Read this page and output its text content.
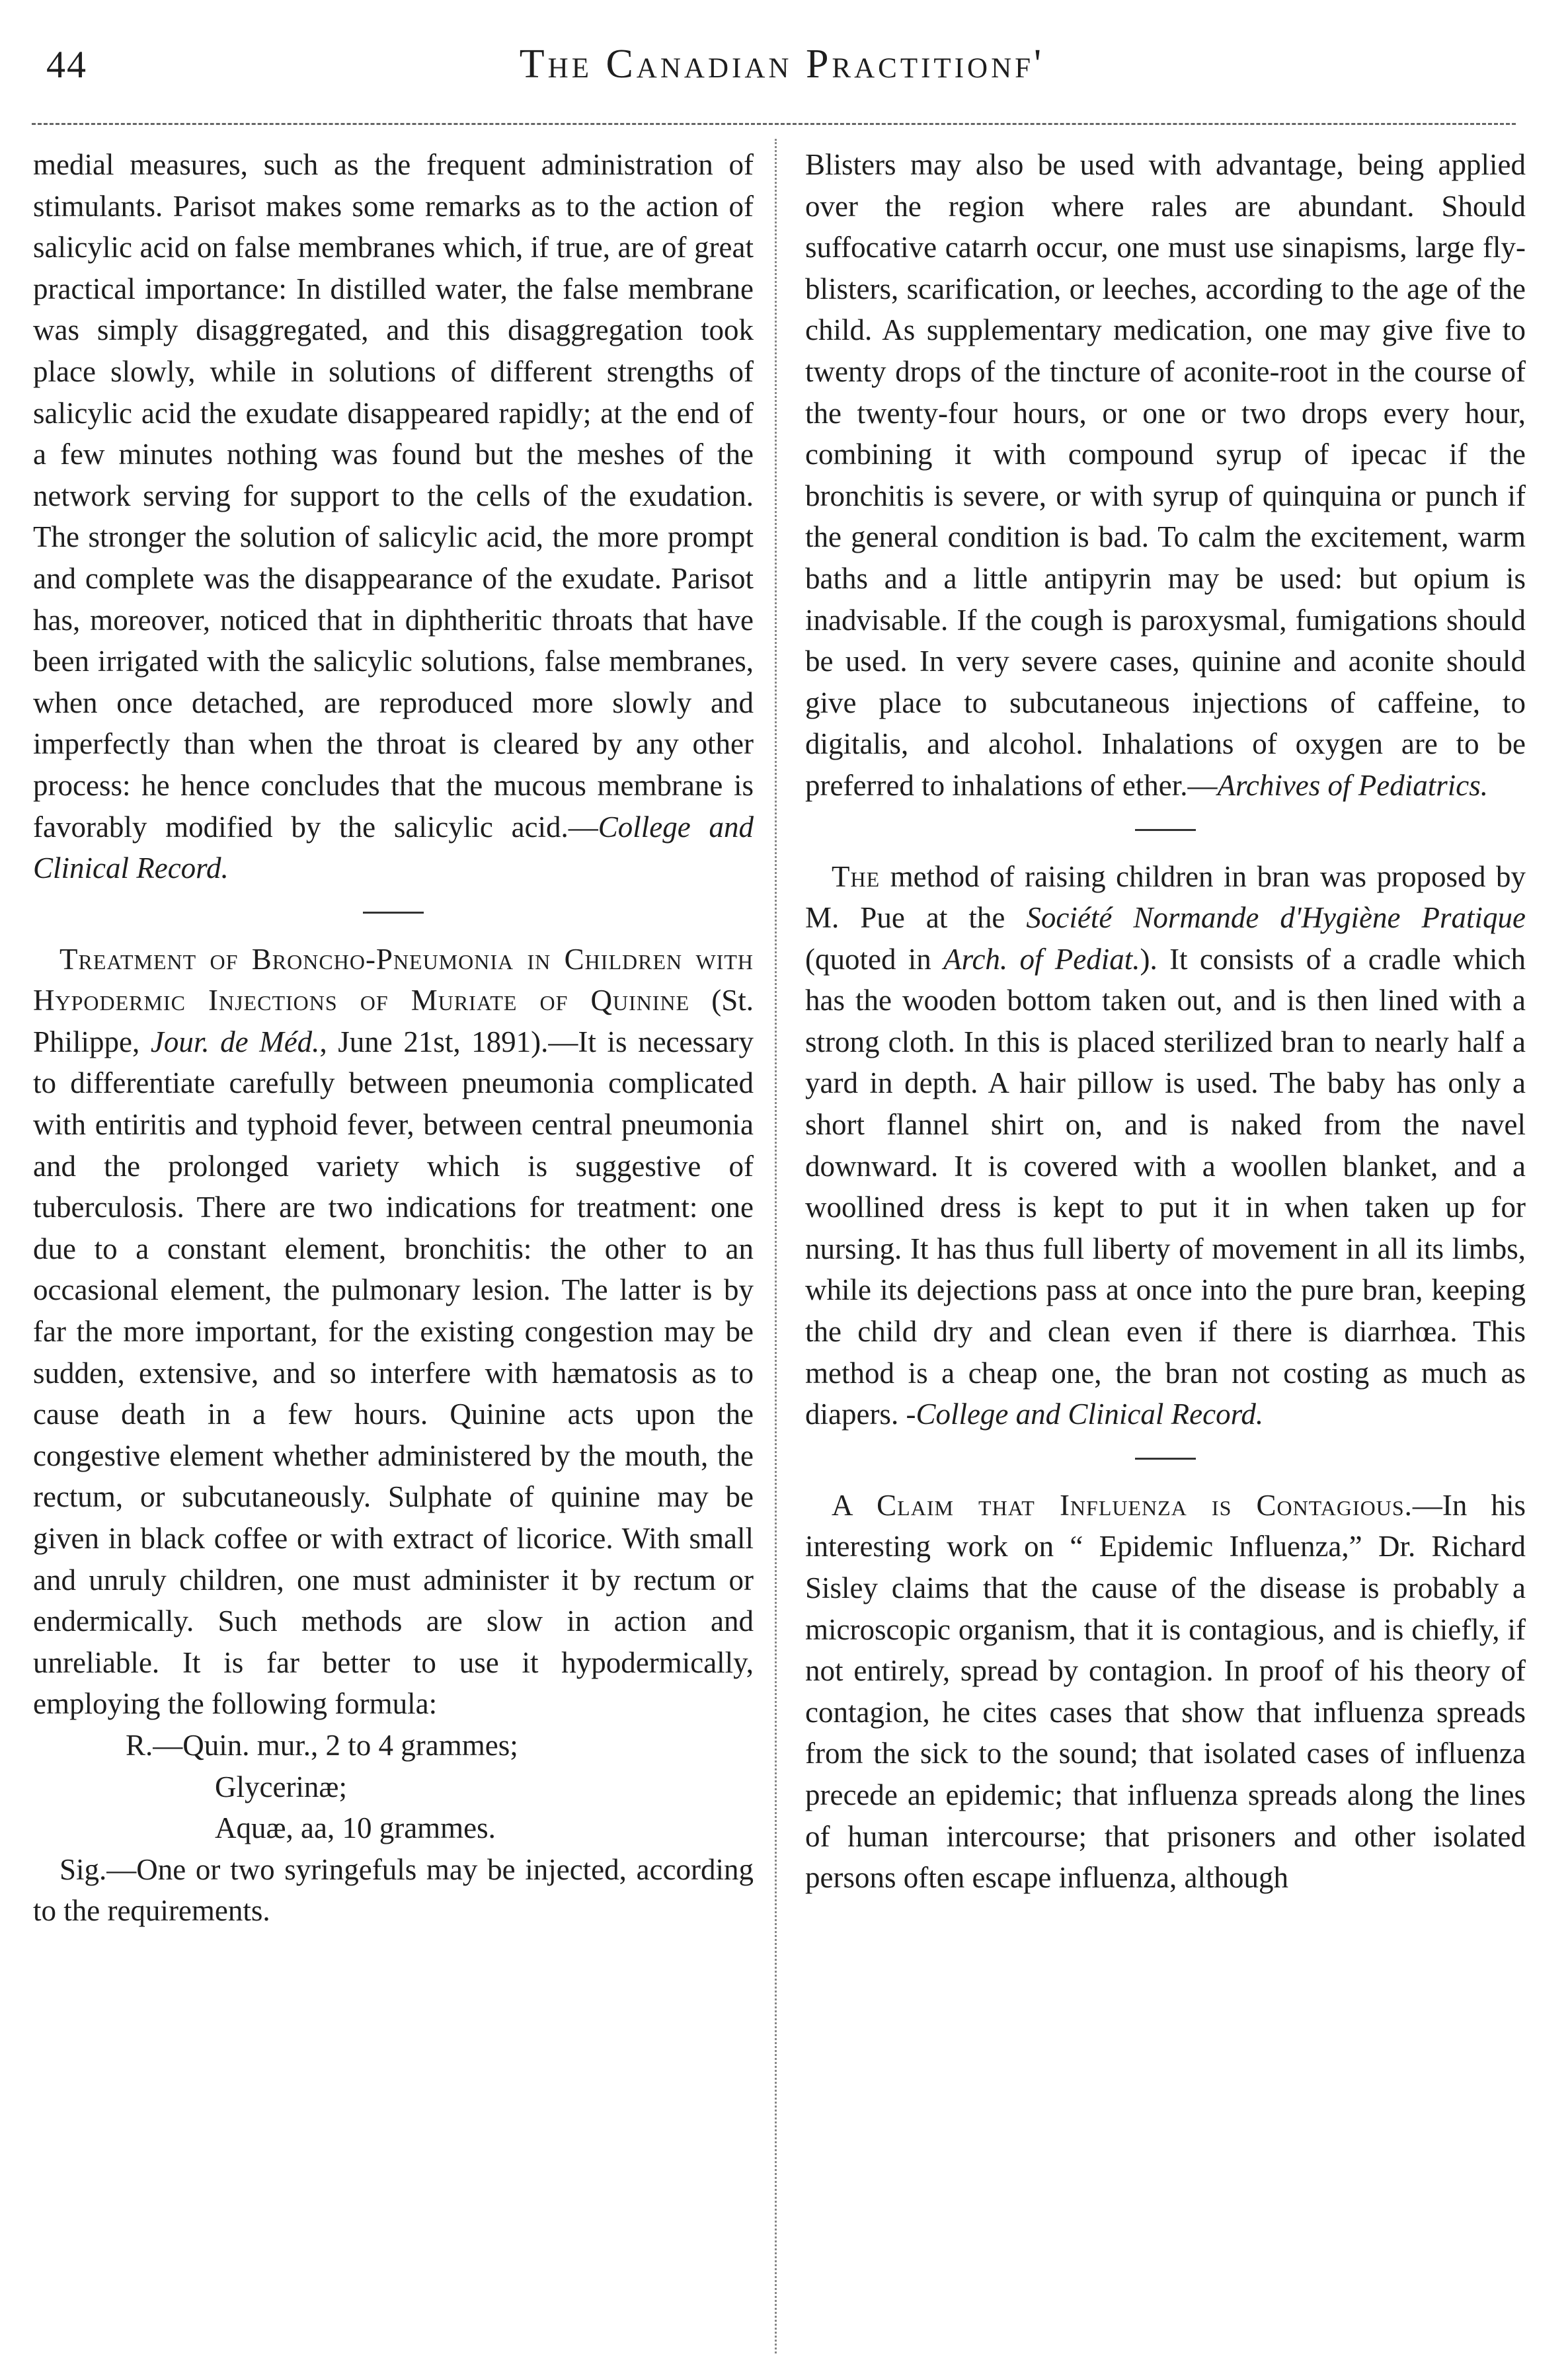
44	The Canadian Practitionf'

medial measures, such as the frequent administration of stimulants. Parisot makes some remarks as to the action of salicylic acid on false membranes which, if true, are of great practical importance: In distilled water, the false membrane was simply disaggregated, and this disaggregation took place slowly, while in solutions of different strengths of salicylic acid the exudate disappeared rapidly; at the end of a few minutes nothing was found but the meshes of the network serving for support to the cells of the exudation. The stronger the solution of salicylic acid, the more prompt and complete was the disappearance of the exudate. Parisot has, moreover, noticed that in diphtheritic throats that have been irrigated with the salicylic solutions, false membranes, when once detached, are reproduced more slowly and imperfectly than when the throat is cleared by any other process: he hence concludes that the mucous membrane is favorably modified by the salicylic acid.—College and Clinical Record.

Treatment of Broncho-Pneumonia in Children with Hypodermic Injections of Muriate of Quinine (St. Philippe, Jour. de Méd., June 21st, 1891).—It is necessary to differentiate carefully between pneumonia complicated with entiritis and typhoid fever, between central pneumonia and the prolonged variety which is suggestive of tuberculosis. There are two indications for treatment: one due to a constant element, bronchitis: the other to an occasional element, the pulmonary lesion. The latter is by far the more important, for the existing congestion may be sudden, extensive, and so interfere with hæmatosis as to cause death in a few hours. Quinine acts upon the congestive element whether administered by the mouth, the rectum, or subcutaneously. Sulphate of quinine may be given in black coffee or with extract of licorice. With small and unruly children, one must administer it by rectum or endermically. Such methods are slow in action and unreliable. It is far better to use it hypodermically, employing the following formula:

R.—Quin. mur., 2 to 4 grammes;
Glycerinæ;
Aquæ, aa, 10 grammes.

Sig.—One or two syringefuls may be injected, according to the requirements.

Blisters may also be used with advantage, being applied over the region where rales are abundant. Should suffocative catarrh occur, one must use sinapisms, large fly-blisters, scarification, or leeches, according to the age of the child. As supplementary medication, one may give five to twenty drops of the tincture of aconite-root in the course of the twenty-four hours, or one or two drops every hour, combining it with compound syrup of ipecac if the bronchitis is severe, or with syrup of quinquina or punch if the general condition is bad. To calm the excitement, warm baths and a little antipyrin may be used: but opium is inadvisable. If the cough is paroxysmal, fumigations should be used. In very severe cases, quinine and aconite should give place to subcutaneous injections of caffeine, to digitalis, and alcohol. Inhalations of oxygen are to be preferred to inhalations of ether.—Archives of Pediatrics.

The method of raising children in bran was proposed by M. Pue at the Société Normande d'Hygiène Pratique (quoted in Arch. of Pediat.). It consists of a cradle which has the wooden bottom taken out, and is then lined with a strong cloth. In this is placed sterilized bran to nearly half a yard in depth. A hair pillow is used. The baby has only a short flannel shirt on, and is naked from the navel downward. It is covered with a woollen blanket, and a woollined dress is kept to put it in when taken up for nursing. It has thus full liberty of movement in all its limbs, while its dejections pass at once into the pure bran, keeping the child dry and clean even if there is diarrhœa. This method is a cheap one, the bran not costing as much as diapers. -College and Clinical Record.

A Claim that Influenza is Contagious.—In his interesting work on “ Epidemic Influenza,” Dr. Richard Sisley claims that the cause of the disease is probably a microscopic organism, that it is contagious, and is chiefly, if not entirely, spread by contagion. In proof of his theory of contagion, he cites cases that show that influenza spreads from the sick to the sound; that isolated cases of influenza precede an epidemic; that influenza spreads along the lines of human intercourse; that prisoners and other isolated persons often escape influenza, although
